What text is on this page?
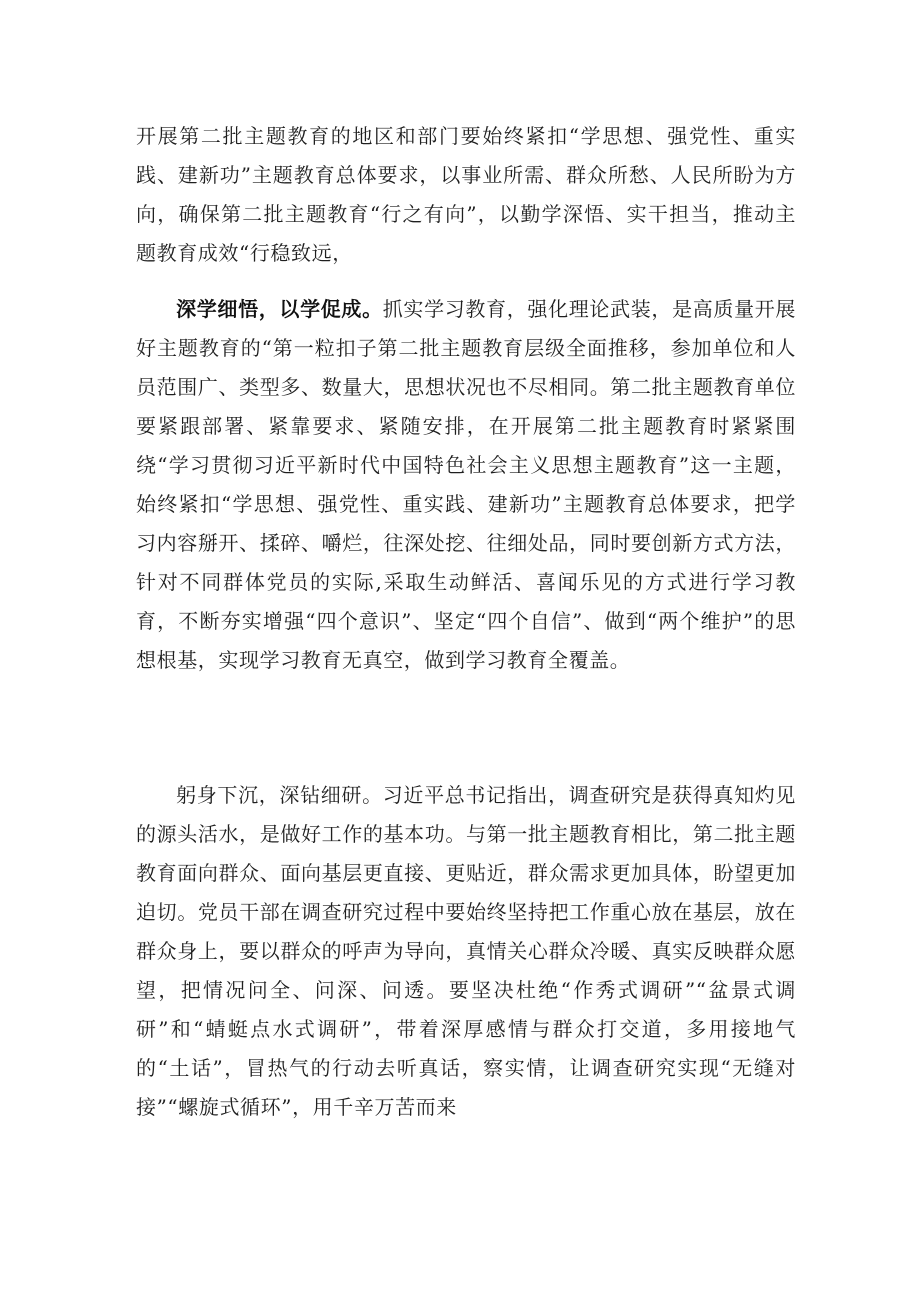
开展第二批主题教育的地区和部门要始终紧扣“学思想、强党性、重实践、建新功”主题教育总体要求，以事业所需、群众所愁、人民所盼为方向，确保第二批主题教育“行之有向”，以勤学深悟、实干担当，推动主题教育成效“行稳致远，

深学细悟，以学促成。抓实学习教育，强化理论武装，是高质量开展好主题教育的“第一粒扣子第二批主题教育层级全面推移，参加单位和人员范围广、类型多、数量大，思想状况也不尽相同。第二批主题教育单位要紧跟部署、紧靠要求、紧随安排，在开展第二批主题教育时紧紧围绕“学习贯彻习近平新时代中国特色社会主义思想主题教育”这一主题，始终紧扣“学思想、强党性、重实践、建新功”主题教育总体要求，把学习内容掰开、揉碎、嚼烂，往深处挖、往细处品，同时要创新方式方法，针对不同群体党员的实际,采取生动鲜活、喜闻乐见的方式进行学习教育，不断夯实增强“四个意识”、坚定“四个自信”、做到“两个维护”的思想根基，实现学习教育无真空，做到学习教育全覆盖。

躬身下沉，深钻细研。习近平总书记指出，调查研究是获得真知灼见的源头活水，是做好工作的基本功。与第一批主题教育相比，第二批主题教育面向群众、面向基层更直接、更贴近，群众需求更加具体，盼望更加迫切。党员干部在调查研究过程中要始终坚持把工作重心放在基层，放在群众身上，要以群众的呼声为导向，真情关心群众冷暖、真实反映群众愿望，把情况问全、问深、问透。要坚决杜绝“作秀式调研”“盆景式调研”和“蜻蜓点水式调研”，带着深厚感情与群众打交道，多用接地气的“土话”，冒热气的行动去听真话，察实情，让调查研究实现“无缝对接”“螺旋式循环”，用千辛万苦而来
